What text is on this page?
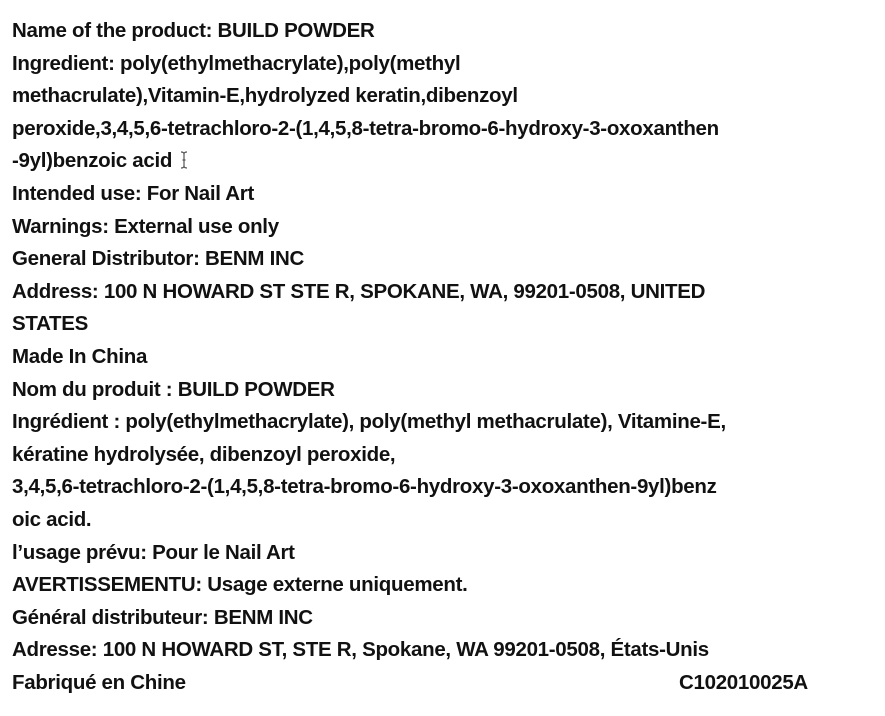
Name of the product: BUILD POWDER
Ingredient: poly(ethylmethacrylate),poly(methyl
methacrulate),Vitamin-E,hydrolyzed keratin,dibenzoyl
peroxide,3,4,5,6-tetrachloro-2-(1,4,5,8-tetra-bromo-6-hydroxy-3-oxoxanthen
-9yl)benzoic acid
Intended use: For Nail Art
Warnings: External use only
General Distributor: BENM INC
Address: 100 N HOWARD ST STE R, SPOKANE, WA, 99201-0508, UNITED
STATES
Made In China
Nom du produit : BUILD POWDER
Ingrédient : poly(ethylmethacrylate), poly(methyl methacrulate), Vitamine-E,
kératine hydrolysée, dibenzoyl peroxide,
3,4,5,6-tetrachloro-2-(1,4,5,8-tetra-bromo-6-hydroxy-3-oxoxanthen-9yl)benz
oic acid.
l’usage prévu: Pour le Nail Art
AVERTISSEMENTU: Usage externe uniquement.
Général distributeur: BENM INC
Adresse: 100 N HOWARD ST, STE R, Spokane, WA 99201-0508, États-Unis
Fabriqué en Chine	C102010025A
